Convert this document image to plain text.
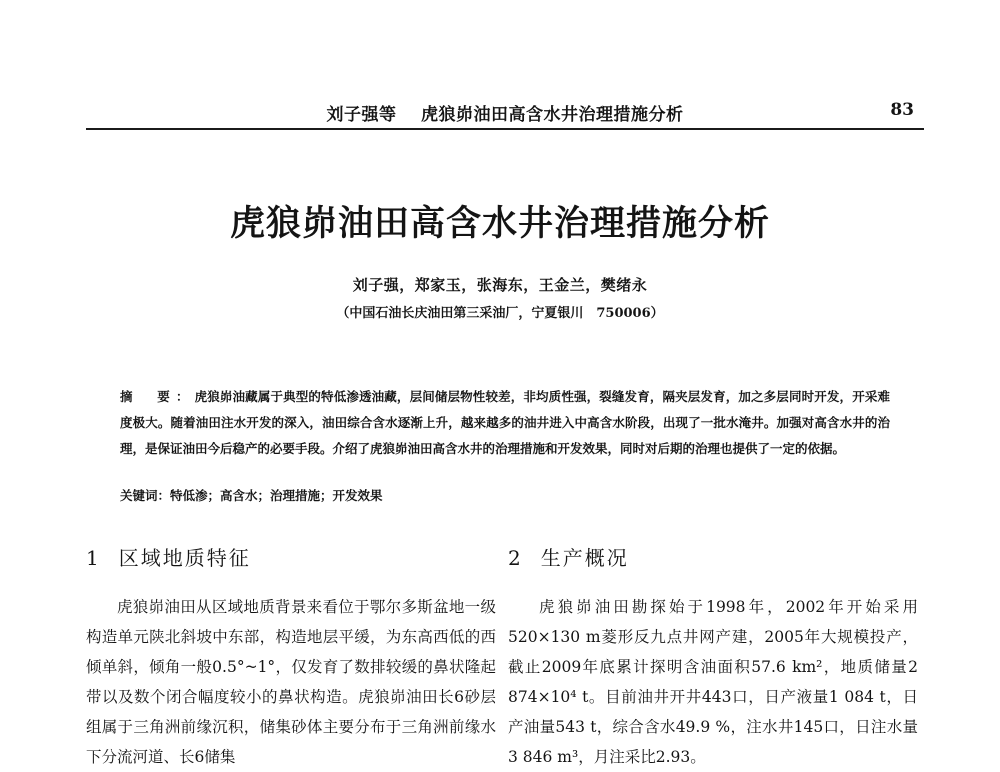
刘子强等 虎狼峁油田高含水井治理措施分析	83
虎狼峁油田高含水井治理措施分析
刘子强，郑家玉，张海东，王金兰，樊绪永
（中国石油长庆油田第三采油厂，宁夏银川　750006）
摘　要：虎狼峁油藏属于典型的特低渗透油藏，层间储层物性较差，非均质性强，裂缝发育，隔夹层发育，加之多层同时开发，开采难度极大。随着油田注水开发的深入，油田综合含水逐渐上升，越来越多的油井进入中高含水阶段，出现了一批水淹井。加强对高含水井的治理，是保证油田今后稳产的必要手段。介绍了虎狼峁油田高含水井的治理措施和开发效果，同时对后期的治理也提供了一定的依据。
关键词：特低渗；高含水；治理措施；开发效果
1 区域地质特征	2 生产概况

虎狼峁油田从区域地质背景来看位于鄂尔多斯盆地一级构造单元陕北斜坡中东部，构造地层平缓，为东高西低的西倾单斜，倾角一般0.5°~1°，仅发育了数排较缓的鼻状隆起带以及数个闭合幅度较小的鼻状构造。虎狼峁油田长6砂层组属于三角洲前缘沉积，储集砂体主要分布于三角洲前缘水下分流河道、长6储集

虎狼峁油田勘探始于1998年，2002年开始采用520×130 m菱形反九点井网产建，2005年大规模投产，截止2009年底累计探明含油面积57.6 km²，地质储量2 874×10⁴ t。目前油井开井443口，日产液量1 084 t，日产油量543 t，综合含水49.9 %，注水井145口，日注水量3 846 m³，月注采比2.93。
